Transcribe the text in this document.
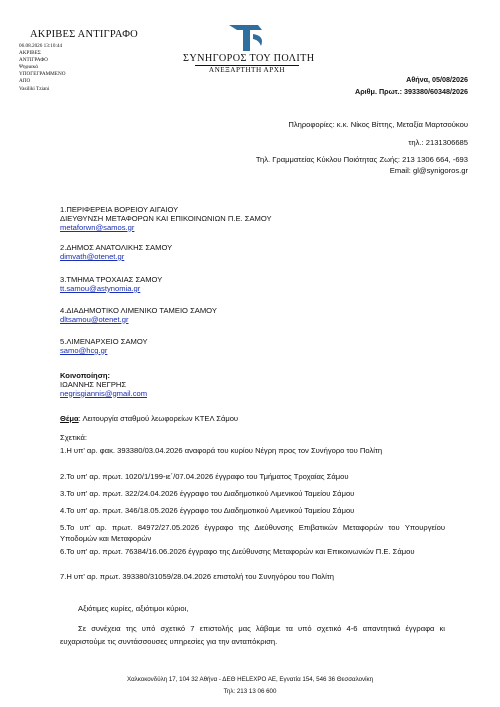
ΑΚΡΙΒΕΣ ΑΝΤΙΓΡΑΦΟ
06.08.2026 13:10:44
ΑΚΡΙΒΕΣ
ΑΝΤΙΓΡΑΦΟ
Ψηφιακά
ΥΠΟΓΕΓΡΑΜΜΕΝΟ
ΑΠΟ
Vasiliki Tziani
ΣΥΝΗΓΟΡΟΣ ΤΟΥ ΠΟΛΙΤΗ
ΑΝΕΞΑΡΤΗΤΗ ΑΡΧΗ
Αθήνα, 05/08/2026
Αριθμ. Πρωτ.: 393380/60348/2026
Πληροφορίες: κ.κ. Νίκος Βίττης, Μεταξία Μαρτσούκου
τηλ.: 2131306685
Τηλ. Γραμματείας Κύκλου Ποιότητας Ζωής: 213 1306 664, -693
Email: gl@synigoros.gr
1.ΠΕΡΙΦΕΡΕΙΑ ΒΟΡΕΙΟΥ ΑΙΓΑΙΟΥ
ΔΙΕΥΘΥΝΣΗ ΜΕΤΑΦΟΡΩΝ ΚΑΙ ΕΠΙΚΟΙΝΩΝΙΩΝ Π.Ε. ΣΑΜΟΥ
metaforwn@samos.gr
2.ΔΗΜΟΣ ΑΝΑΤΟΛΙΚΗΣ ΣΑΜΟΥ
dimvath@otenet.gr
3.ΤΜΗΜΑ ΤΡΟΧΑΙΑΣ ΣΑΜΟΥ
tt.samou@astynomia.gr
4.ΔΙΑΔΗΜΟΤΙΚΟ ΛΙΜΕΝΙΚΟ ΤΑΜΕΙΟ ΣΑΜΟΥ
dltsamou@otenet.gr
5.ΛΙΜΕΝΑΡΧΕΙΟ ΣΑΜΟΥ
samo@hcg.gr
Κοινοποίηση:
ΙΩΑΝΝΗΣ ΝΕΓΡΗΣ
negrisgiannis@gmail.com
Θέμα: Λειτουργία σταθμού λεωφορείων ΚΤΕΛ Σάμου
Σχετικά:
1.Η υπ' αρ. φακ. 393380/03.04.2026 αναφορά του κυρίου Νέγρη προς τον Συνήγορο του Πολίτη
2.Το υπ' αρ. πρωτ. 1020/1/199-ιε΄/07.04.2026 έγγραφο του Τμήματος Τροχαίας Σάμου
3.Το υπ' αρ. πρωτ. 322/24.04.2026 έγγραφο του Διαδημοτικού Λιμενικού Ταμείου Σάμου
4.Το υπ' αρ. πρωτ. 346/18.05.2026 έγγραφο του Διαδημοτικού Λιμενικού Ταμείου Σάμου
5.Το υπ' αρ. πρωτ. 84972/27.05.2026 έγγραφο της Διεύθυνσης Επιβατικών Μεταφορών του Υπουργείου Υποδομών και Μεταφορών
6.Το υπ' αρ. πρωτ. 76384/16.06.2026 έγγραφο της Διεύθυνσης Μεταφορών και Επικοινωνιών Π.Ε. Σάμου
7.Η υπ' αρ. πρωτ. 393380/31059/28.04.2026 επιστολή του Συνηγόρου του Πολίτη
Αξιότιμες κυρίες, αξιότιμοι κύριοι,
Σε συνέχεια της υπό σχετικό 7 επιστολής μας λάβαμε τα υπό σχετικό 4-6 απαντητικά έγγραφα κι ευχαριστούμε τις συντάσσουσες υπηρεσίες για την ανταπόκριση.
Χαλκοκονδύλη 17, 104 32 Αθήνα - ΔΕΘ HELEXPO AE, Εγνατία 154, 546 36 Θεσσαλονίκη
Τηλ: 213 13 06 600
